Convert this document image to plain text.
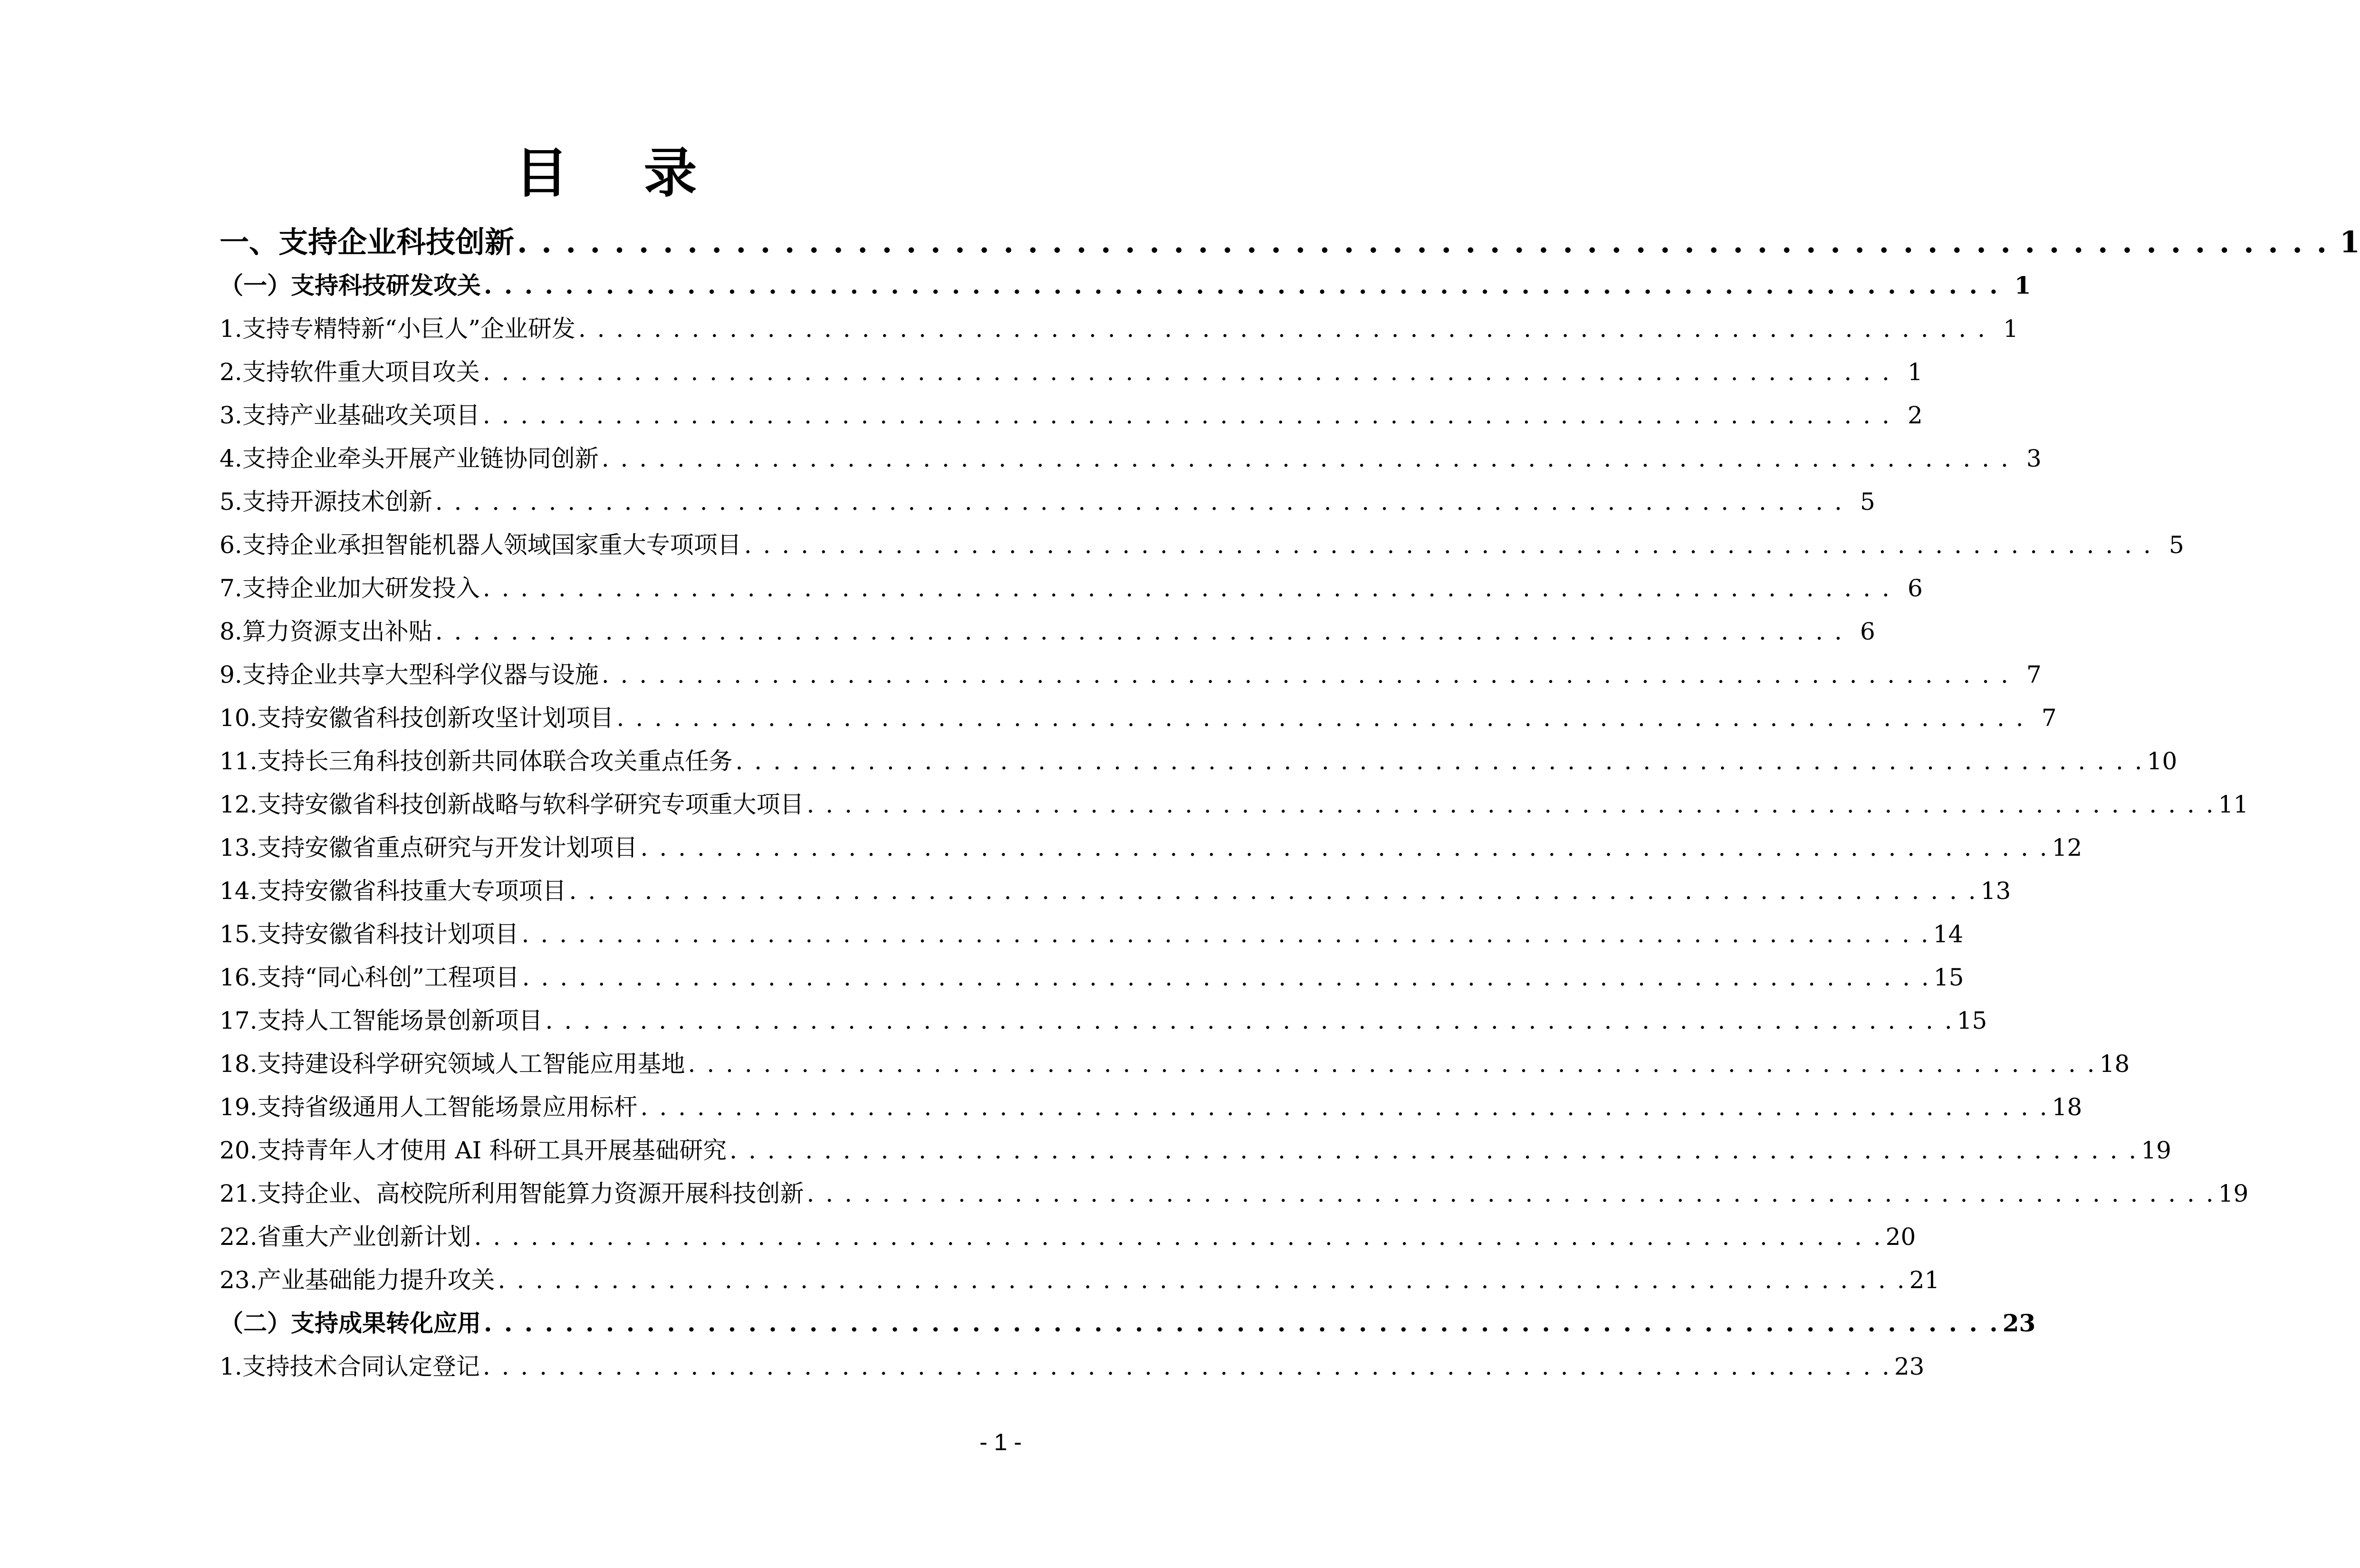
目 录
一、支持企业科技创新 . . . . . . . . . . . . . . . . . . . . . . . . . . . . . . . . . . . . . . . . . . . . . . . . . . . . . . . . . . . . . . . . . . . . . . . . . . . 1
（一）支持科技研发攻关 . . . . . . . . . . . . . . . . . . . . . . . . . . . . . . . . . . . . . . . . . . . . . . . . . . . . . . . . . . . . . . . . . . . . . . . . . . . 1
1.支持专精特新“小巨人”企业研发 . . . . . . . . . . . . . . . . . . . . . . . . . . . . . . . . . . . . . . . . . . . . . . . . . . . . . . . . . . . . . . . . . . . . . . . . . . . 1
2.支持软件重大项目攻关 . . . . . . . . . . . . . . . . . . . . . . . . . . . . . . . . . . . . . . . . . . . . . . . . . . . . . . . . . . . . . . . . . . . . . . . . . . . 1
3.支持产业基础攻关项目 . . . . . . . . . . . . . . . . . . . . . . . . . . . . . . . . . . . . . . . . . . . . . . . . . . . . . . . . . . . . . . . . . . . . . . . . . . . 2
4.支持企业牵头开展产业链协同创新 . . . . . . . . . . . . . . . . . . . . . . . . . . . . . . . . . . . . . . . . . . . . . . . . . . . . . . . . . . . . . . . . . . . . . . . . . . . 3
5.支持开源技术创新 . . . . . . . . . . . . . . . . . . . . . . . . . . . . . . . . . . . . . . . . . . . . . . . . . . . . . . . . . . . . . . . . . . . . . . . . . . . 5
6.支持企业承担智能机器人领域国家重大专项项目 . . . . . . . . . . . . . . . . . . . . . . . . . . . . . . . . . . . . . . . . . . . . . . . . . . . . . . . . . . . . . . . . . . . . . . . . . . . 5
7.支持企业加大研发投入 . . . . . . . . . . . . . . . . . . . . . . . . . . . . . . . . . . . . . . . . . . . . . . . . . . . . . . . . . . . . . . . . . . . . . . . . . . . 6
8.算力资源支出补贴 . . . . . . . . . . . . . . . . . . . . . . . . . . . . . . . . . . . . . . . . . . . . . . . . . . . . . . . . . . . . . . . . . . . . . . . . . . . 6
9.支持企业共享大型科学仪器与设施 . . . . . . . . . . . . . . . . . . . . . . . . . . . . . . . . . . . . . . . . . . . . . . . . . . . . . . . . . . . . . . . . . . . . . . . . . . . 7
10.支持安徽省科技创新攻坚计划项目 . . . . . . . . . . . . . . . . . . . . . . . . . . . . . . . . . . . . . . . . . . . . . . . . . . . . . . . . . . . . . . . . . . . . . . . . . . . 7
11.支持长三角科技创新共同体联合攻关重点任务 . . . . . . . . . . . . . . . . . . . . . . . . . . . . . . . . . . . . . . . . . . . . . . . . . . . . . . . . . . . . . . . . . . . . . . . . . . . 10
12.支持安徽省科技创新战略与软科学研究专项重大项目 . . . . . . . . . . . . . . . . . . . . . . . . . . . . . . . . . . . . . . . . . . . . . . . . . . . . . . . . . . . . . . . . . . . . . . . . . . . 11
13.支持安徽省重点研究与开发计划项目 . . . . . . . . . . . . . . . . . . . . . . . . . . . . . . . . . . . . . . . . . . . . . . . . . . . . . . . . . . . . . . . . . . . . . . . . . . . 12
14.支持安徽省科技重大专项项目 . . . . . . . . . . . . . . . . . . . . . . . . . . . . . . . . . . . . . . . . . . . . . . . . . . . . . . . . . . . . . . . . . . . . . . . . . . . 13
15.支持安徽省科技计划项目 . . . . . . . . . . . . . . . . . . . . . . . . . . . . . . . . . . . . . . . . . . . . . . . . . . . . . . . . . . . . . . . . . . . . . . . . . . . 14
16.支持“同心科创”工程项目 . . . . . . . . . . . . . . . . . . . . . . . . . . . . . . . . . . . . . . . . . . . . . . . . . . . . . . . . . . . . . . . . . . . . . . . . . . . 15
17.支持人工智能场景创新项目 . . . . . . . . . . . . . . . . . . . . . . . . . . . . . . . . . . . . . . . . . . . . . . . . . . . . . . . . . . . . . . . . . . . . . . . . . . . 15
18.支持建设科学研究领域人工智能应用基地 . . . . . . . . . . . . . . . . . . . . . . . . . . . . . . . . . . . . . . . . . . . . . . . . . . . . . . . . . . . . . . . . . . . . . . . . . . . 18
19.支持省级通用人工智能场景应用标杆 . . . . . . . . . . . . . . . . . . . . . . . . . . . . . . . . . . . . . . . . . . . . . . . . . . . . . . . . . . . . . . . . . . . . . . . . . . . 18
20.支持青年人才使用 AI 科研工具开展基础研究 . . . . . . . . . . . . . . . . . . . . . . . . . . . . . . . . . . . . . . . . . . . . . . . . . . . . . . . . . . . . . . . . . . . . . . . . . . . 19
21.支持企业、高校院所利用智能算力资源开展科技创新 . . . . . . . . . . . . . . . . . . . . . . . . . . . . . . . . . . . . . . . . . . . . . . . . . . . . . . . . . . . . . . . . . . . . . . . . . . . 19
22.省重大产业创新计划 . . . . . . . . . . . . . . . . . . . . . . . . . . . . . . . . . . . . . . . . . . . . . . . . . . . . . . . . . . . . . . . . . . . . . . . . . . . 20
23.产业基础能力提升攻关 . . . . . . . . . . . . . . . . . . . . . . . . . . . . . . . . . . . . . . . . . . . . . . . . . . . . . . . . . . . . . . . . . . . . . . . . . . . 21
（二）支持成果转化应用 . . . . . . . . . . . . . . . . . . . . . . . . . . . . . . . . . . . . . . . . . . . . . . . . . . . . . . . . . . . . . . . . . . . . . . . . . . . 23
1.支持技术合同认定登记 . . . . . . . . . . . . . . . . . . . . . . . . . . . . . . . . . . . . . . . . . . . . . . . . . . . . . . . . . . . . . . . . . . . . . . . . . . . 23
- 1 -
